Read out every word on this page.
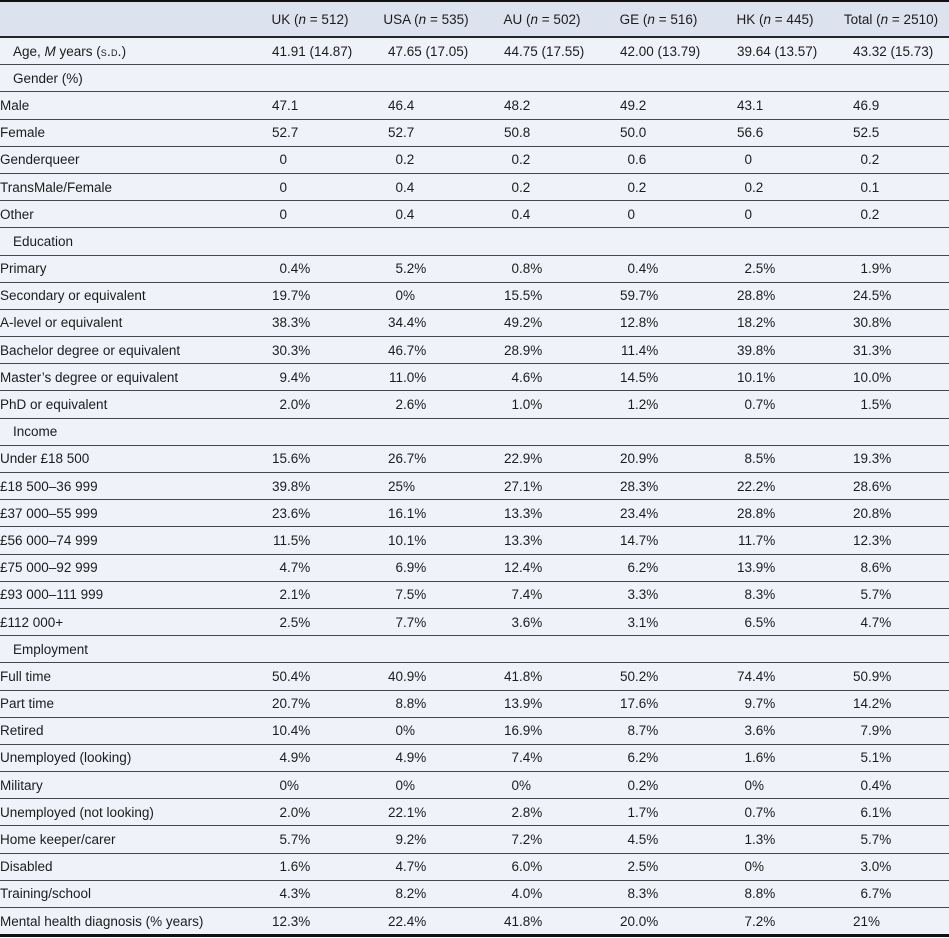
	UK (n = 512)	USA (n = 535)	AU (n = 502)	GE (n = 516)	HK (n = 445)	Total (n = 2510)
Age, M years (s.d.)	41 .91 (14.87)	47 .65 (17.05)	44 .75 (17.55)	42 .00 (13.79)	39 .64 (13.57)	43 .32 (15.73)

Gender (%)						
Male	47 .1	46 .4	48 .2	49 .2	43 .1	46 .9

Female	52 .7	52 .7	50 .8	50 .0	56 .6	52 .5

Genderqueer	0	0 .2	0 .2	0 .6	0	0 .2

TransMale/Female	0	0 .4	0 .2	0 .2	0 .2	0 .1

Other	0	0 .4	0 .4	0	0	0 .2

Education						
Primary	0 .4%	5 .2%	0 .8%	0 .4%	2 .5%	1 .9%

Secondary or equivalent	19 .7%	0 %	15 .5%	59 .7%	28 .8%	24 .5%

A-level or equivalent	38 .3%	34 .4%	49 .2%	12 .8%	18 .2%	30 .8%

Bachelor degree or equivalent	30 .3%	46 .7%	28 .9%	11 .4%	39 .8%	31 .3%

Master’s degree or equivalent	9 .4%	11 .0%	4 .6%	14 .5%	10 .1%	10 .0%

PhD or equivalent	2 .0%	2 .6%	1 .0%	1 .2%	0 .7%	1 .5%

Income						
Under £18 500	15 .6%	26 .7%	22 .9%	20 .9%	8 .5%	19 .3%

£18 500–36 999	39 .8%	25 %	27 .1%	28 .3%	22 .2%	28 .6%

£37 000–55 999	23 .6%	16 .1%	13 .3%	23 .4%	28 .8%	20 .8%

£56 000–74 999	11 .5%	10 .1%	13 .3%	14 .7%	11 .7%	12 .3%

£75 000–92 999	4 .7%	6 .9%	12 .4%	6 .2%	13 .9%	8 .6%

£93 000–111 999	2 .1%	7 .5%	7 .4%	3 .3%	8 .3%	5 .7%

£112 000+	2 .5%	7 .7%	3 .6%	3 .1%	6 .5%	4 .7%

Employment						
Full time	50 .4%	40 .9%	41 .8%	50 .2%	74 .4%	50 .9%

Part time	20 .7%	8 .8%	13 .9%	17 .6%	9 .7%	14 .2%

Retired	10 .4%	0 %	16 .9%	8 .7%	3 .6%	7 .9%

Unemployed (looking)	4 .9%	4 .9%	7 .4%	6 .2%	1 .6%	5 .1%

Military	0 %	0 %	0 %	0 .2%	0 %	0 .4%

Unemployed (not looking)	2 .0%	22 .1%	2 .8%	1 .7%	0 .7%	6 .1%

Home keeper/carer	5 .7%	9 .2%	7 .2%	4 .5%	1 .3%	5 .7%

Disabled	1 .6%	4 .7%	6 .0%	2 .5%	0 %	3 .0%

Training/school	4 .3%	8 .2%	4 .0%	8 .3%	8 .8%	6 .7%

Mental health diagnosis (% years)	12 .3%	22 .4%	41 .8%	20 .0%	7 .2%	21 %
